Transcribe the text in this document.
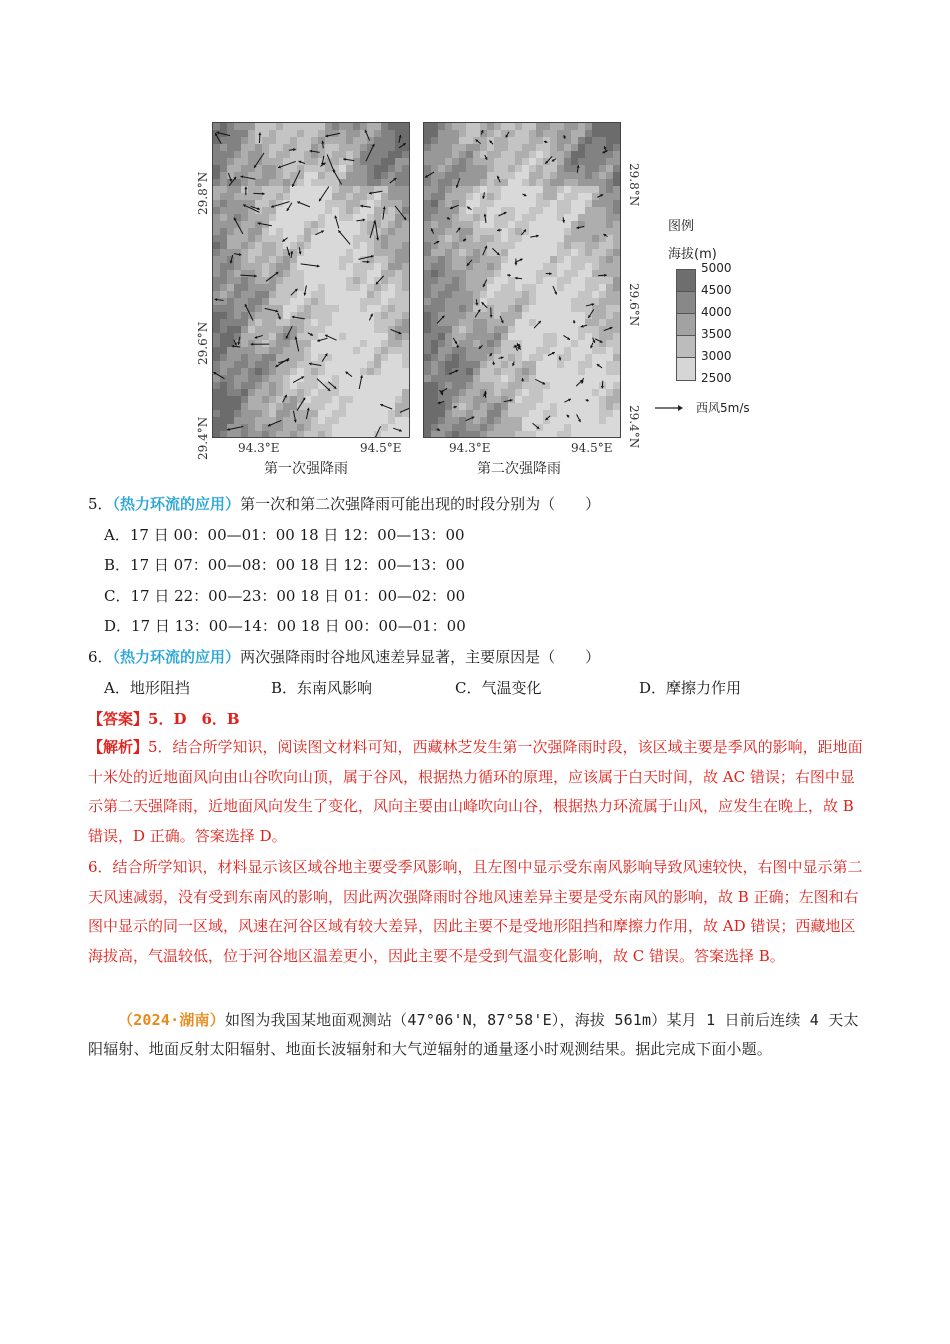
29.8°N
29.6°N
29.4°N
29.8°N
29.6°N
29.4°N
94.3°E	94.5°E	94.3°E	94.5°E
第一次强降雨	第二次强降雨
图例
海拔(m)
5000
4500
4000
3500
3000
2500
西风5m/s
5．（热力环流的应用）第一次和第二次强降雨可能出现的时段分别为（　　）
A．17 日 00：00—01：00 18 日 12：00—13：00
B．17 日 07：00—08：00 18 日 12：00—13：00
C．17 日 22：00—23：00 18 日 01：00—02：00
D．17 日 13：00—14：00 18 日 00：00—01：00
6．（热力环流的应用）两次强降雨时谷地风速差异显著，主要原因是（　　）
A．地形阻挡	B．东南风影响	C．气温变化	D．摩擦力作用
【答案】5．D　6．B
【解析】5．结合所学知识，阅读图文材料可知，西藏林芝发生第一次强降雨时段，该区域主要是季风的影响，距地面十米处的近地面风向由山谷吹向山顶，属于谷风，根据热力循环的原理，应该属于白天时间，故 AC 错误；右图中显示第二天强降雨，近地面风向发生了变化，风向主要由山峰吹向山谷，根据热力环流属于山风，应发生在晚上，故 B 错误，D 正确。答案选择 D。
6．结合所学知识，材料显示该区域谷地主要受季风影响，且左图中显示受东南风影响导致风速较快，右图中显示第二天风速减弱，没有受到东南风的影响，因此两次强降雨时谷地风速差异主要是受东南风的影响，故 B 正确；左图和右图中显示的同一区域，风速在河谷区域有较大差异，因此主要不是受地形阻挡和摩擦力作用，故 AD 错误；西藏地区海拔高，气温较低，位于河谷地区温差更小，因此主要不是受到气温变化影响，故 C 错误。答案选择 B。
（2024·湖南）如图为我国某地面观测站（47°06'N，87°58'E），海拔 561m）某月 1 日前后连续 4 天太阳辐射、地面反射太阳辐射、地面长波辐射和大气逆辐射的通量逐小时观测结果。据此完成下面小题。
